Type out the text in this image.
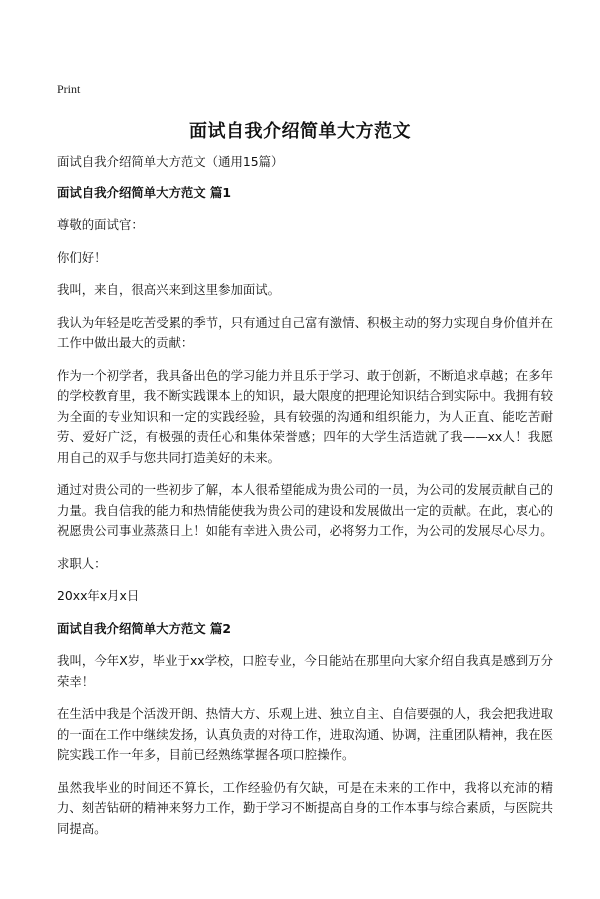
Print
面试自我介绍简单大方范文

面试自我介绍简单大方范文（通用15篇）

面试自我介绍简单大方范文 篇1

尊敬的面试官：

你们好！

我叫，来自，很高兴来到这里参加面试。

我认为年轻是吃苦受累的季节，只有通过自己富有激情、积极主动的努力实现自身价值并在工作中做出最大的贡献：

作为一个初学者，我具备出色的学习能力并且乐于学习、敢于创新，不断追求卓越；在多年的学校教育里，我不断实践课本上的知识，最大限度的把理论知识结合到实际中。我拥有较为全面的专业知识和一定的实践经验，具有较强的沟通和组织能力，为人正直、能吃苦耐劳、爱好广泛，有极强的责任心和集体荣誉感；四年的大学生活造就了我——xx人！我愿用自己的双手与您共同打造美好的未来。

通过对贵公司的一些初步了解，本人很希望能成为贵公司的一员，为公司的发展贡献自己的力量。我自信我的能力和热情能使我为贵公司的建设和发展做出一定的贡献。在此，衷心的祝愿贵公司事业蒸蒸日上！如能有幸进入贵公司，必将努力工作，为公司的发展尽心尽力。

求职人：

20xx年x月x日

面试自我介绍简单大方范文 篇2

我叫，今年X岁，毕业于xx学校，口腔专业，今日能站在那里向大家介绍自我真是感到万分荣幸！

在生活中我是个活泼开朗、热情大方、乐观上进、独立自主、自信要强的人，我会把我进取的一面在工作中继续发扬，认真负责的对待工作，进取沟通、协调，注重团队精神，我在医院实践工作一年多，目前已经熟练掌握各项口腔操作。

虽然我毕业的时间还不算长，工作经验仍有欠缺，可是在未来的工作中，我将以充沛的精力、刻苦钻研的精神来努力工作，勤于学习不断提高自身的工作本事与综合素质，与医院共同提高。
